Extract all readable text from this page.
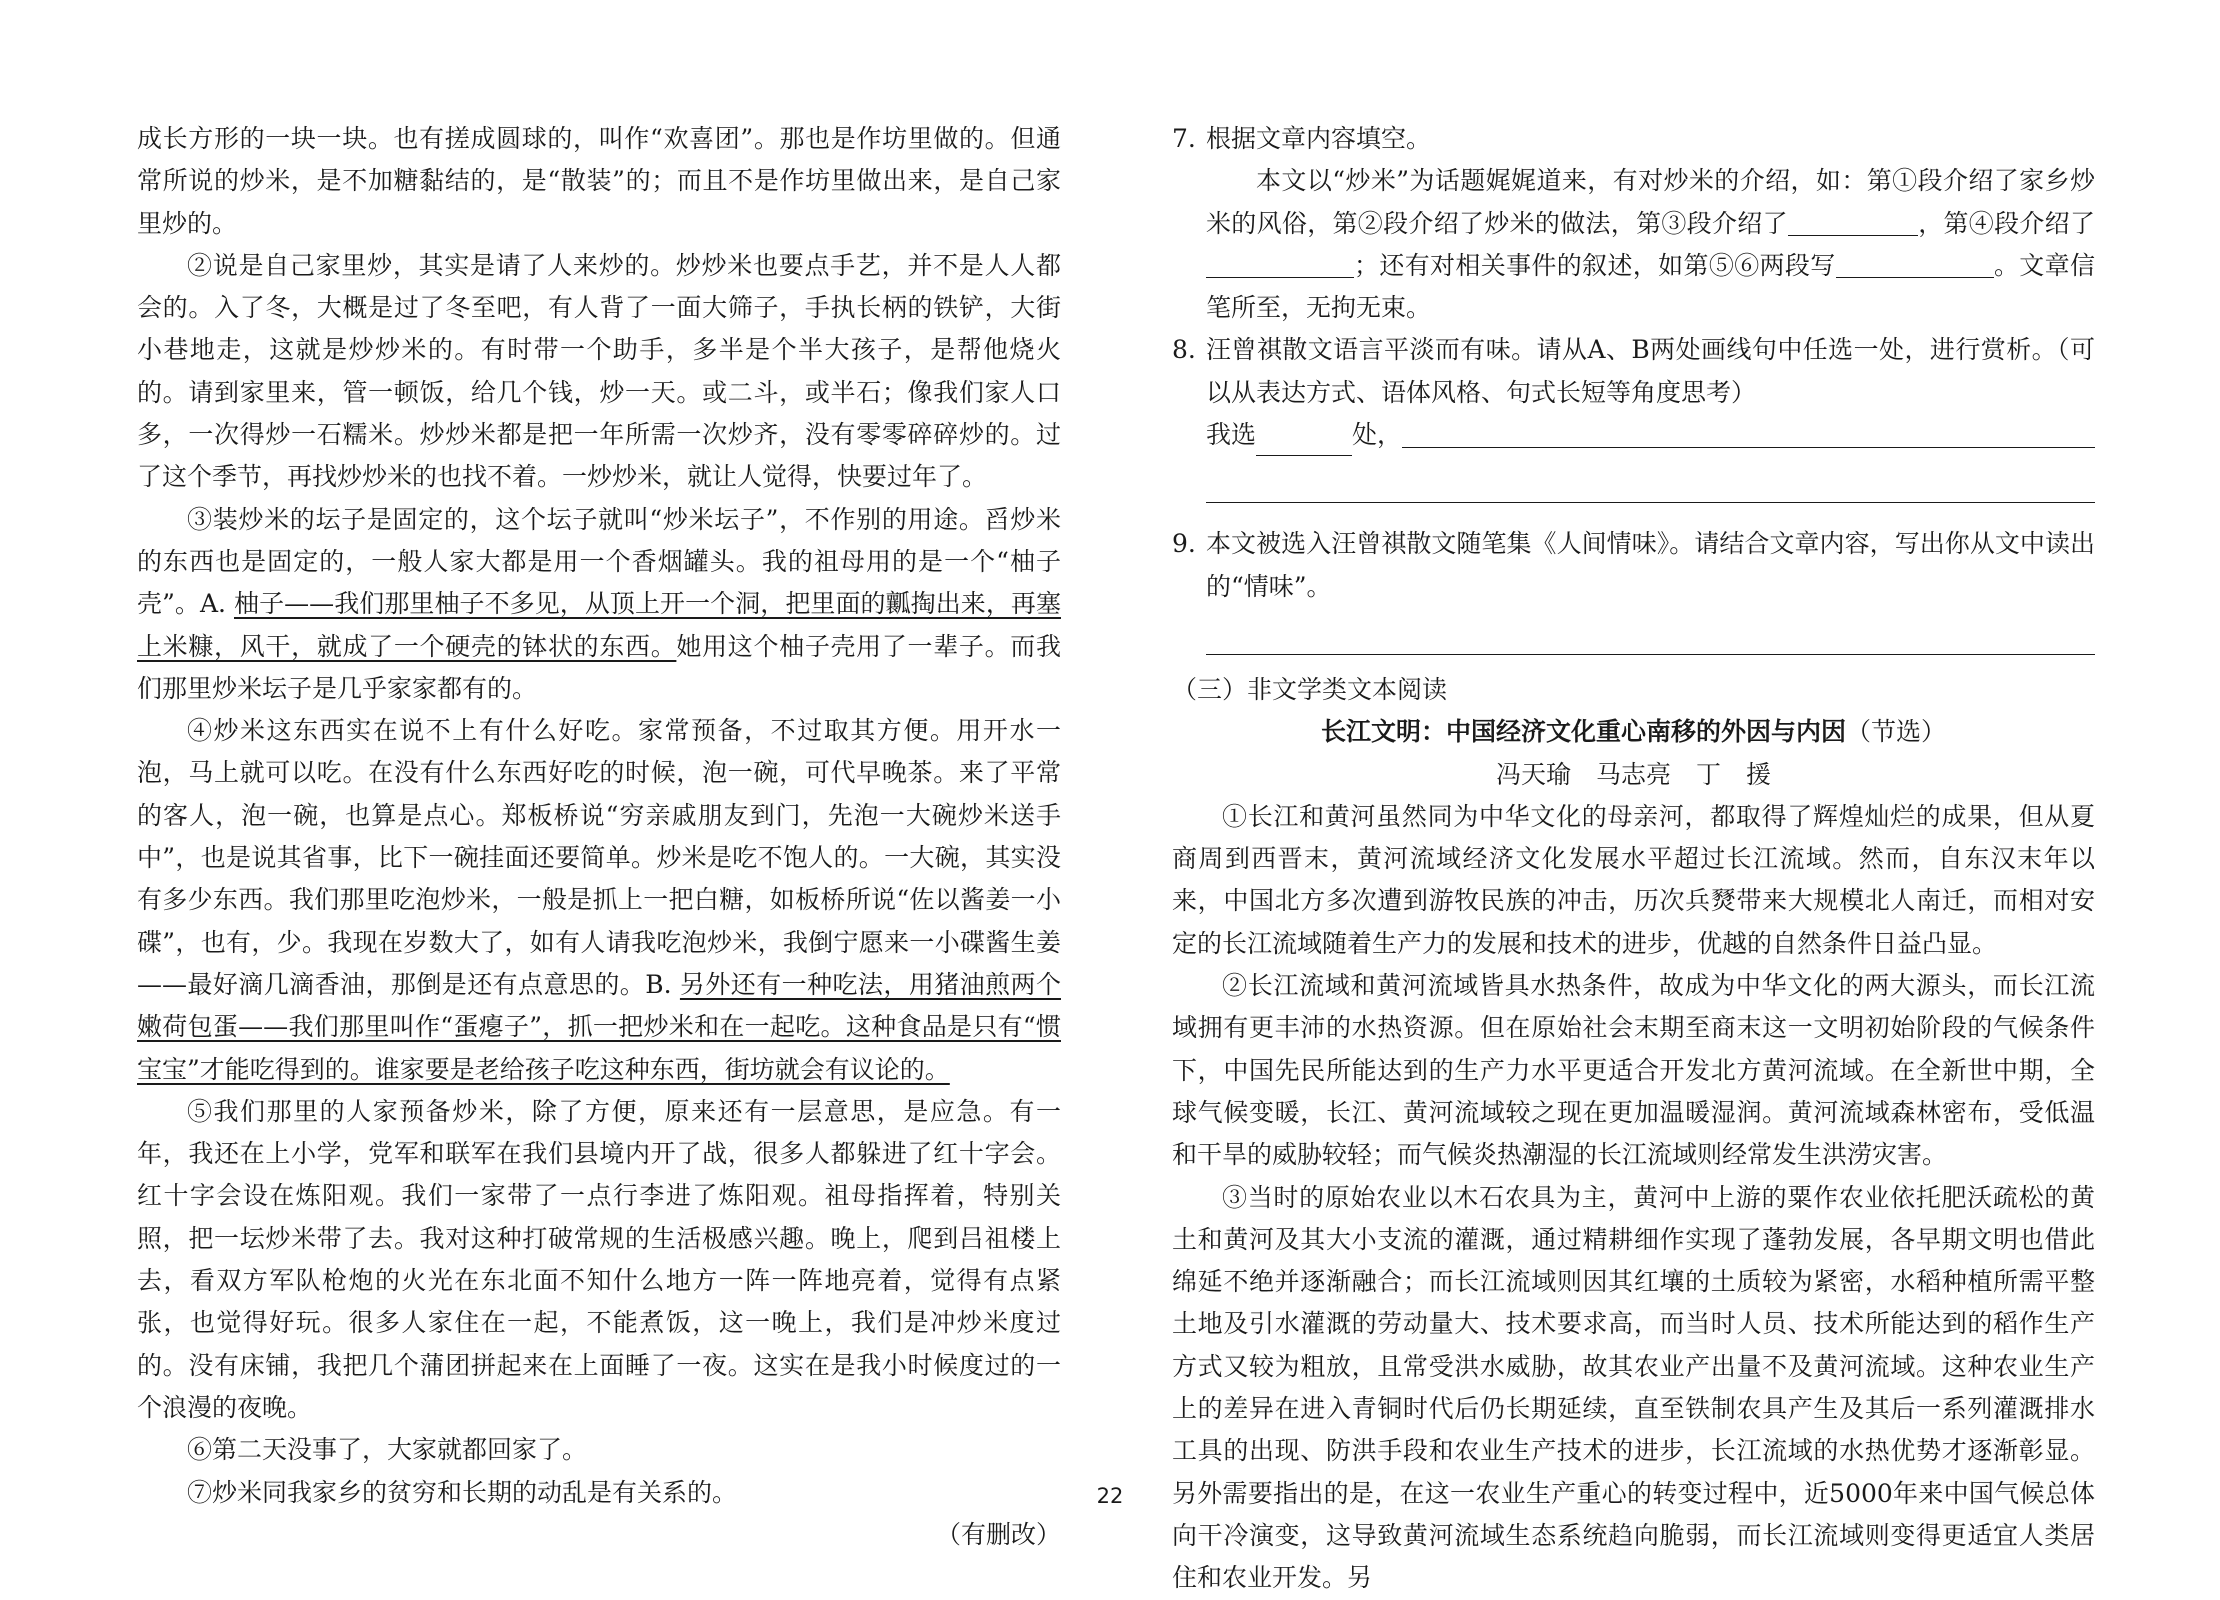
成长方形的一块一块。也有搓成圆球的，叫作“欢喜团”。那也是作坊里做的。但通常所说的炒米，是不加糖黏结的，是“散装”的；而且不是作坊里做出来，是自己家里炒的。

②说是自己家里炒，其实是请了人来炒的。炒炒米也要点手艺，并不是人人都会的。入了冬，大概是过了冬至吧，有人背了一面大筛子，手执长柄的铁铲，大街小巷地走，这就是炒炒米的。有时带一个助手，多半是个半大孩子，是帮他烧火的。请到家里来，管一顿饭，给几个钱，炒一天。或二斗，或半石；像我们家人口多，一次得炒一石糯米。炒炒米都是把一年所需一次炒齐，没有零零碎碎炒的。过了这个季节，再找炒炒米的也找不着。一炒炒米，就让人觉得，快要过年了。

③装炒米的坛子是固定的，这个坛子就叫“炒米坛子”，不作别的用途。舀炒米的东西也是固定的，一般人家大都是用一个香烟罐头。我的祖母用的是一个“柚子壳”。A. 柚子——我们那里柚子不多见，从顶上开一个洞，把里面的瓤掏出来，再塞上米糠，风干，就成了一个硬壳的钵状的东西。她用这个柚子壳用了一辈子。而我们那里炒米坛子是几乎家家都有的。

④炒米这东西实在说不上有什么好吃。家常预备，不过取其方便。用开水一泡，马上就可以吃。在没有什么东西好吃的时候，泡一碗，可代早晚茶。来了平常的客人，泡一碗，也算是点心。郑板桥说“穷亲戚朋友到门，先泡一大碗炒米送手中”，也是说其省事，比下一碗挂面还要简单。炒米是吃不饱人的。一大碗，其实没有多少东西。我们那里吃泡炒米，一般是抓上一把白糖，如板桥所说“佐以酱姜一小碟”，也有，少。我现在岁数大了，如有人请我吃泡炒米，我倒宁愿来一小碟酱生姜——最好滴几滴香油，那倒是还有点意思的。B. 另外还有一种吃法，用猪油煎两个嫩荷包蛋——我们那里叫作“蛋瘪子”，抓一把炒米和在一起吃。这种食品是只有“惯宝宝”才能吃得到的。谁家要是老给孩子吃这种东西，街坊就会有议论的。

⑤我们那里的人家预备炒米，除了方便，原来还有一层意思，是应急。有一年，我还在上小学，党军和联军在我们县境内开了战，很多人都躲进了红十字会。红十字会设在炼阳观。我们一家带了一点行李进了炼阳观。祖母指挥着，特别关照，把一坛炒米带了去。我对这种打破常规的生活极感兴趣。晚上，爬到吕祖楼上去，看双方军队枪炮的火光在东北面不知什么地方一阵一阵地亮着，觉得有点紧张，也觉得好玩。很多人家住在一起，不能煮饭，这一晚上，我们是冲炒米度过的。没有床铺，我把几个蒲团拼起来在上面睡了一夜。这实在是我小时候度过的一个浪漫的夜晚。

⑥第二天没事了，大家就都回家了。

⑦炒米同我家乡的贫穷和长期的动乱是有关系的。

（有删改）

7. 根据文章内容填空。

本文以“炒米”为话题娓娓道来，有对炒米的介绍，如：第①段介绍了家乡炒米的风俗，第②段介绍了炒米的做法，第③段介绍了	，第④段介绍了；还有对相关事件的叙述，如第⑤⑥两段写	。文章信笔所至，无拘无束。

8. 汪曾祺散文语言平淡而有味。请从A、B两处画线句中任选一处，进行赏析。（可以从表达方式、语体风格、句式长短等角度思考）

我选	处，
9. 本文被选入汪曾祺散文随笔集《人间情味》。请结合文章内容，写出你从文中读出的“情味”。

（三）非文学类文本阅读

长江文明：中国经济文化重心南移的外因与内因（节选）

冯天瑜　马志亮　丁　援

①长江和黄河虽然同为中华文化的母亲河，都取得了辉煌灿烂的成果，但从夏商周到西晋末，黄河流域经济文化发展水平超过长江流域。然而，自东汉末年以来，中国北方多次遭到游牧民族的冲击，历次兵燹带来大规模北人南迁，而相对安定的长江流域随着生产力的发展和技术的进步，优越的自然条件日益凸显。

②长江流域和黄河流域皆具水热条件，故成为中华文化的两大源头，而长江流域拥有更丰沛的水热资源。但在原始社会末期至商末这一文明初始阶段的气候条件下，中国先民所能达到的生产力水平更适合开发北方黄河流域。在全新世中期，全球气候变暖，长江、黄河流域较之现在更加温暖湿润。黄河流域森林密布，受低温和干旱的威胁较轻；而气候炎热潮湿的长江流域则经常发生洪涝灾害。

③当时的原始农业以木石农具为主，黄河中上游的粟作农业依托肥沃疏松的黄土和黄河及其大小支流的灌溉，通过精耕细作实现了蓬勃发展，各早期文明也借此绵延不绝并逐渐融合；而长江流域则因其红壤的土质较为紧密，水稻种植所需平整土地及引水灌溉的劳动量大、技术要求高，而当时人员、技术所能达到的稻作生产方式又较为粗放，且常受洪水威胁，故其农业产出量不及黄河流域。这种农业生产上的差异在进入青铜时代后仍长期延续，直至铁制农具产生及其后一系列灌溉排水工具的出现、防洪手段和农业生产技术的进步，长江流域的水热优势才逐渐彰显。另外需要指出的是，在这一农业生产重心的转变过程中，近5000年来中国气候总体向干冷演变，这导致黄河流域生态系统趋向脆弱，而长江流域则变得更适宜人类居住和农业开发。另

22
